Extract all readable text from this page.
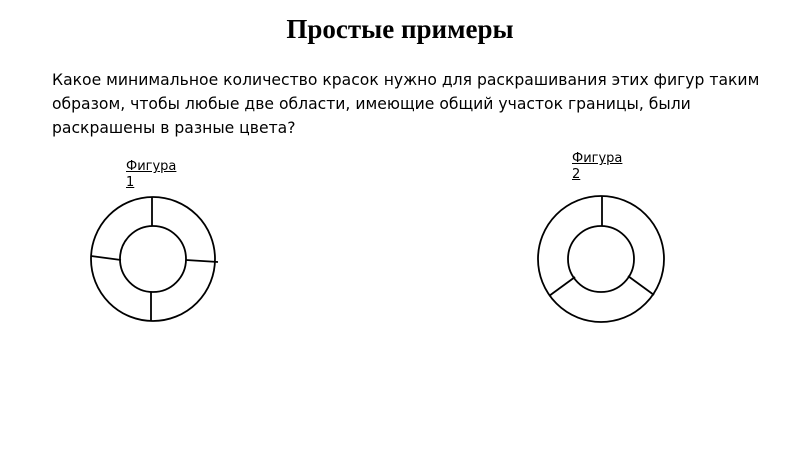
Простые примеры
Какое минимальное количество красок нужно для раскрашивания этих фигур таким образом, чтобы любые две области, имеющие общий участок границы, были раскрашены в разные цвета?
Фигура
1
Фигура
2
